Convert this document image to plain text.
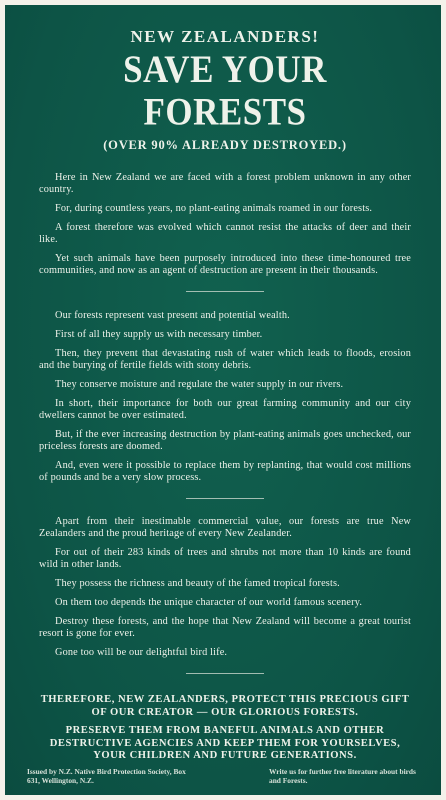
NEW ZEALANDERS!
SAVE YOUR FORESTS
(OVER 90% ALREADY DESTROYED.)

Here in New Zealand we are faced with a forest problem unknown in any other country.

For, during countless years, no plant-eating animals roamed in our forests.

A forest therefore was evolved which cannot resist the attacks of deer and their like.

Yet such animals have been purposely introduced into these time-honoured tree communities, and now as an agent of destruction are present in their thousands.

Our forests represent vast present and potential wealth.

First of all they supply us with necessary timber.

Then, they prevent that devastating rush of water which leads to floods, erosion and the burying of fertile fields with stony debris.

They conserve moisture and regulate the water supply in our rivers.

In short, their importance for both our great farming community and our city dwellers cannot be over estimated.

But, if the ever increasing destruction by plant-eating animals goes unchecked, our priceless forests are doomed.

And, even were it possible to replace them by replanting, that would cost millions of pounds and be a very slow process.

Apart from their inestimable commercial value, our forests are true New Zealanders and the proud heritage of every New Zealander.

For out of their 283 kinds of trees and shrubs not more than 10 kinds are found wild in other lands.

They possess the richness and beauty of the famed tropical forests.

On them too depends the unique character of our world famous scenery.

Destroy these forests, and the hope that New Zealand will become a great tourist resort is gone for ever.

Gone too will be our delightful bird life.

THEREFORE, NEW ZEALANDERS, PROTECT THIS PRECIOUS GIFT OF OUR CREATOR — OUR GLORIOUS FORESTS.

PRESERVE THEM FROM BANEFUL ANIMALS AND OTHER DESTRUCTIVE AGENCIES AND KEEP THEM FOR YOURSELVES, YOUR CHILDREN AND FUTURE GENERATIONS.

Issued by N.Z. Native Bird Protection Society, Box 631, Wellington, N.Z.
Write us for further free literature about birds and Forests.
